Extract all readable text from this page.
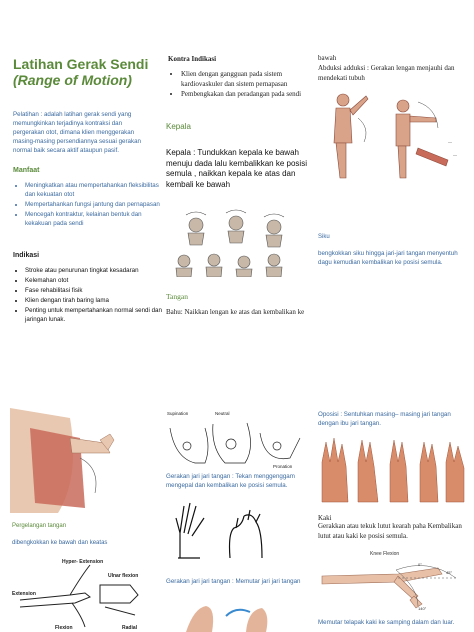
Latihan Gerak Sendi (Range of Motion)
Pelatihan : adalah latihan gerak sendi yang memungkinkan terjadinya kontraksi dan pergerakan otot, dimana klien menggerakan masing-masing persendiannya sesuai gerakan normal baik secara aktif ataupun pasif.
Manfaat
• Meningkatkan atau mempertahankan fleksibilitas dan kekuatan otot
• Mempertahankan fungsi jantung dan pernapasan
• Mencegah kontraktur, kelainan bentuk dan kekakuan pada sendi
Indikasi
• Stroke atau penurunan tingkat kesadaran
• Kelemahan otot
• Fase rehabilitasi fisik
• Klien dengan tirah baring lama
• Penting untuk mempertahankan normal sendi dan jaringan lunak.
Kontra Indikasi
• Klien dengan gangguan pada sistem kardiovaskuler dan sistem pernapasan
• Pembengkakan dan peradangan pada sendi
Kepala
Kepala : Tundukkan kepala ke bawah menuju dada lalu kembalikkan ke posisi semula , naikkan kepala ke atas dan kembali ke bawah
Tangan
Bahu: Naikkan lengan ke atas dan kembalikan ke
bawah
Abduksi adduksi : Gerakan lengan menjauhi dan mendekati tubuh
—
—
Siku
bengkokkan siku hingga jari-jari tangan menyentuh dagu kemudian kembalikan ke posisi semula.
Pergelangan tangan
dibengkokkan ke bawah dan keatas
Hyper- Extension
Ulnar flexion
Extension
Flexion	Radial
Supination	Neutral
Pronation
Gerakan jari jari tangan : Tekan menggenggam mengepal dan kembalikan ke posisi semula.
Gerakan jari jari tangan : Memutar jari jari tangan
Oposisi : Sentuhkan masing– masing jari tangan dengan ibu jari tangan.
Kaki
Gerakkan atau tekuk lutut kearah paha Kembalikan lutut atau kaki ke posisi semula.
Knee Flexion
0°
45°
140°
Memutar telapak kaki ke samping dalam dan luar.
